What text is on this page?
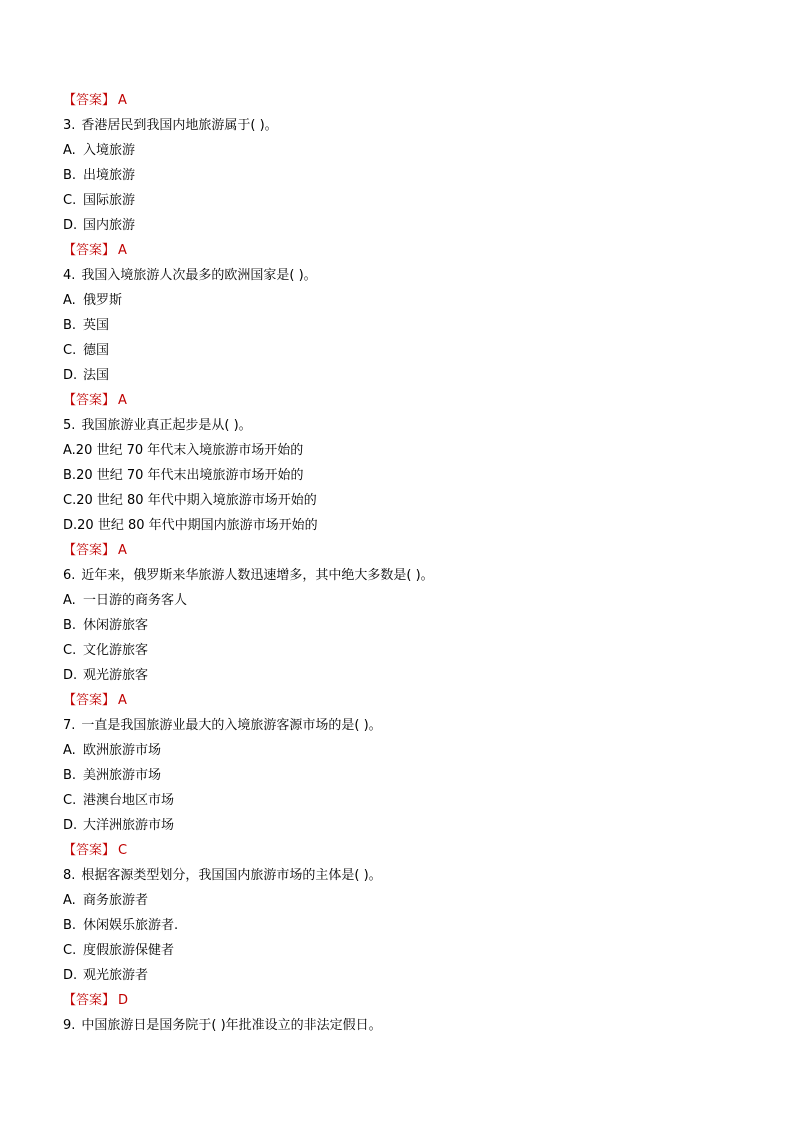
【答案】 A
3. 香港居民到我国内地旅游属于( )。
A. 入境旅游
B. 出境旅游
C. 国际旅游
D. 国内旅游
【答案】 A
4. 我国入境旅游人次最多的欧洲国家是( )。
A. 俄罗斯
B. 英国
C. 德国
D. 法国
【答案】 A
5. 我国旅游业真正起步是从( )。
A.20 世纪 70 年代末入境旅游市场开始的
B.20 世纪 70 年代末出境旅游市场开始的
C.20 世纪 80 年代中期入境旅游市场开始的
D.20 世纪 80 年代中期国内旅游市场开始的
【答案】 A
6. 近年来，俄罗斯来华旅游人数迅速增多，其中绝大多数是( )。
A. 一日游的商务客人
B. 休闲游旅客
C. 文化游旅客
D. 观光游旅客
【答案】 A
7. 一直是我国旅游业最大的入境旅游客源市场的是( )。
A. 欧洲旅游市场
B. 美洲旅游市场
C. 港澳台地区市场
D. 大洋洲旅游市场
【答案】 C
8. 根据客源类型划分，我国国内旅游市场的主体是( )。
A. 商务旅游者
B. 休闲娱乐旅游者.
C. 度假旅游保健者
D. 观光旅游者
【答案】 D
9. 中国旅游日是国务院于( )年批准设立的非法定假日。
